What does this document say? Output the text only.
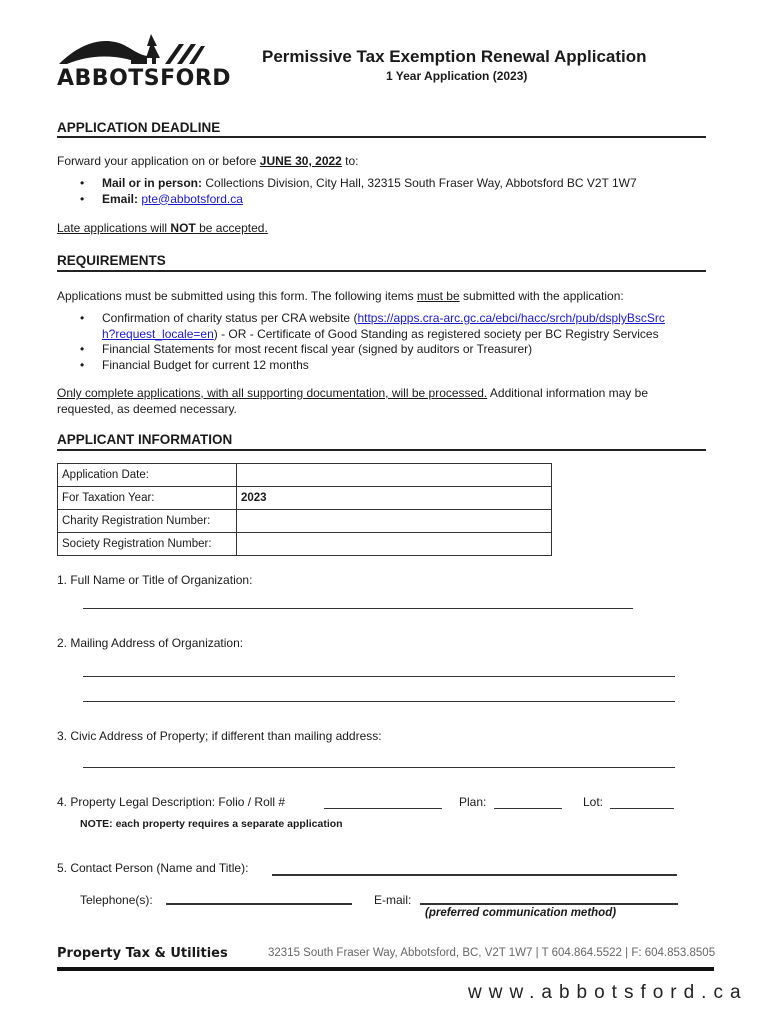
ABBOTSFORD
Permissive Tax Exemption Renewal Application
1 Year Application (2023)
APPLICATION DEADLINE
Forward your application on or before JUNE 30, 2022 to:
• Mail or in person: Collections Division, City Hall, 32315 South Fraser Way, Abbotsford BC V2T 1W7
• Email: pte@abbotsford.ca
Late applications will NOT be accepted.
REQUIREMENTS
Applications must be submitted using this form. The following items must be submitted with the application:
• Confirmation of charity status per CRA website (https://apps.cra-arc.gc.ca/ebci/hacc/srch/pub/dsplyBscSrch?request_locale=en) - OR - Certificate of Good Standing as registered society per BC Registry Services
• Financial Statements for most recent fiscal year (signed by auditors or Treasurer)
• Financial Budget for current 12 months
Only complete applications, with all supporting documentation, will be processed. Additional information may be requested, as deemed necessary.
APPLICANT INFORMATION
Application Date:	
For Taxation Year:	2023
Charity Registration Number:	
Society Registration Number:	
1. Full Name or Title of Organization:
2. Mailing Address of Organization:
3. Civic Address of Property; if different than mailing address:
4. Property Legal Description: Folio / Roll #	Plan:	Lot:
NOTE: each property requires a separate application
5. Contact Person (Name and Title):
Telephone(s):	E-mail:
(preferred communication method)
Property Tax & Utilities	32315 South Fraser Way, Abbotsford, BC, V2T 1W7 | T 604.864.5522 | F: 604.853.8505
www.abbotsford.ca
